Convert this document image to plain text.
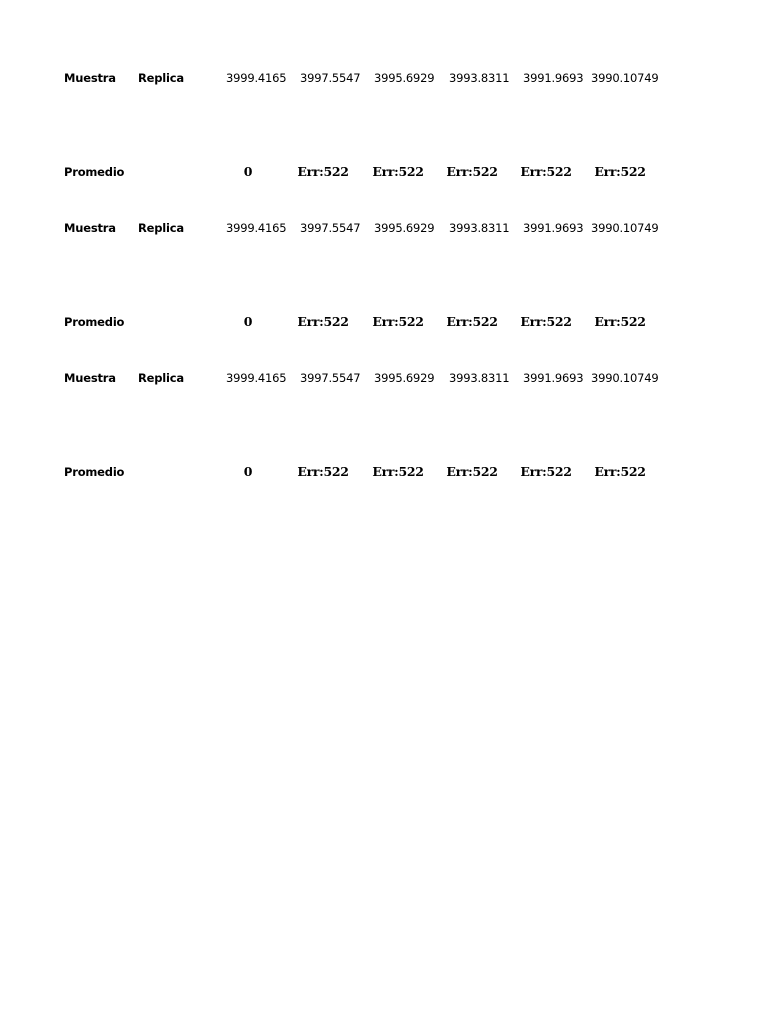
Muestra Replica	3999.4165 3997.5547 3995.6929 3993.8311 3991.9693 3990.10749
Promedio	0	Err:522 Err:522 Err:522 Err:522 Err:522
Muestra Replica	3999.4165 3997.5547 3995.6929 3993.8311 3991.9693 3990.10749
Promedio	0	Err:522 Err:522 Err:522 Err:522 Err:522
Muestra Replica	3999.4165 3997.5547 3995.6929 3993.8311 3991.9693 3990.10749
Promedio	0	Err:522 Err:522 Err:522 Err:522 Err:522
